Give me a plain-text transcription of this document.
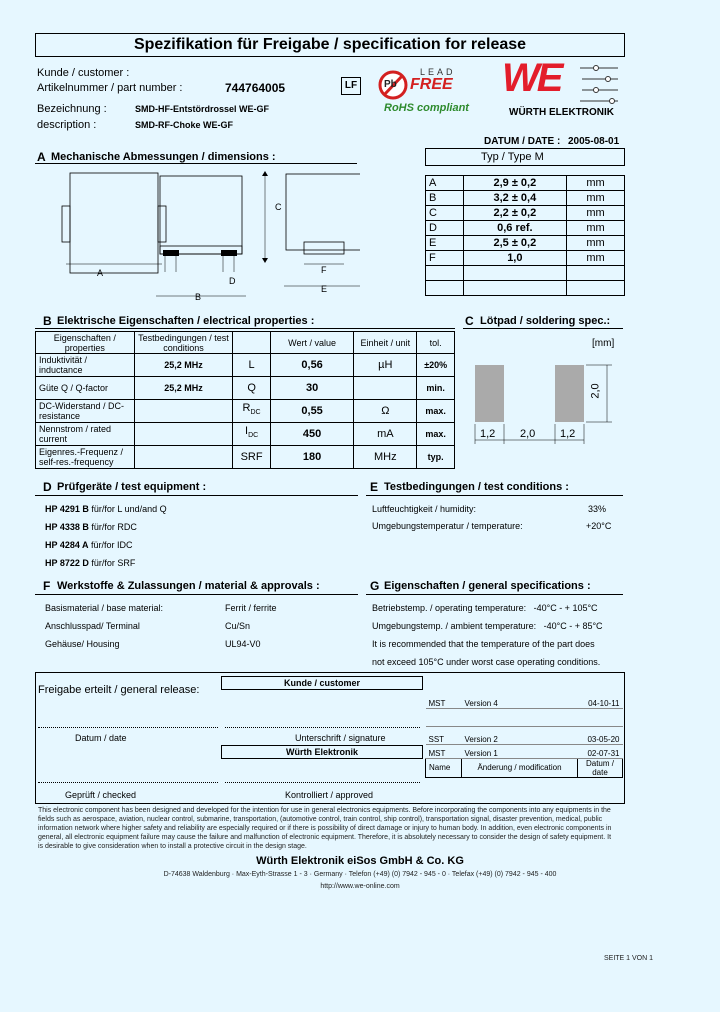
Spezifikation für Freigabe / specification for release
Kunde / customer :
Artikelnummer / part number :	744764005	LF
Bezeichnung :	SMD-HF-Entstördrossel WE-GF
description :	SMD-RF-Choke WE-GF
Pb
LEAD
FREE
RoHS compliant
WE
WÜRTH ELEKTRONIK
DATUM / DATE : 2005-08-01
A Mechanische Abmessungen / dimensions :
A
B
C
D
E
F
Typ / Type M
A	2,9 ± 0,2	mm
B	3,2 ± 0,4	mm
C	2,2 ± 0,2	mm
D	0,6 ref.	mm
E	2,5 ± 0,2	mm
F	1,0	mm

B Elektrische Eigenschaften / electrical properties :
Eigenschaften / properties	Testbedingungen / test conditions		Wert / value	Einheit / unit	tol.
Induktivität / inductance	25,2 MHz	L	0,56	µH	±20%
Güte Q / Q-factor	25,2 MHz	Q	30		min.
DC-Widerstand / DC-resistance		$R_{DC}$	0,55	Ω	max.
Nennstrom / rated current		$I_{DC}$	450	mA	max.
Eigenres.-Frequenz / self-res.-frequency		SRF	180	MHz	typ.
C Lötpad / soldering spec.:
[mm]
1,2 2,0 1,2
2,0
D Prüfgeräte / test equipment :
HP 4291 B für/for L und/and Q
HP 4338 B für/for RDC
HP 4284 A für/for IDC
HP 8722 D für/for SRF
E Testbedingungen / test conditions :
Luftfeuchtigkeit / humidity:	33%
Umgebungstemperatur / temperature:	+20°C
F Werkstoffe & Zulassungen / material & approvals :
Basismaterial / base material:	Ferrit / ferrite
Anschlusspad/ Terminal	Cu/Sn
Gehäuse/ Housing	UL94-V0
G Eigenschaften / general specifications :
Betriebstemp. / operating temperature:   -40°C - + 105°C
Umgebungstemp. / ambient temperature:   -40°C - + 85°C
It is recommended that the temperature of the part does
not exceed 105°C under worst case operating conditions.
Freigabe erteilt / general release:
Kunde / customer
Datum / date	Unterschrift / signature
Würth Elektronik
Geprüft / checked	Kontrolliert / approved
MST	Version 4	04-10-11

SST	Version 2	03-05-20
MST	Version 1	02-07-31
Name	Änderung / modification	Datum / date
This electronic component has been designed and developed for the intention for use in general electronics equipments. Before incorporating the components into any equipments in the fields such as aerospace, aviation, nuclear control, submarine, transportation, (automotive control, train control, ship control), transportation signal, disaster prevention, medical, public information network where higher safety and reliability are especially required or if there is possibility of direct damage or injury to human body. In addition, even electronic components in general, all electronic equipment failure may cause the failure and malfunction of electronic equipment. Therefore, it is absolutely necessary to consider the design of safety equipment. It is desirable to give consideration when to install a protective circuit in the design stage.
Würth Elektronik eiSos GmbH & Co. KG
D-74638 Waldenburg · Max-Eyth-Strasse 1 - 3 · Germany · Telefon (+49) (0) 7942 - 945 - 0 · Telefax (+49) (0) 7942 - 945 - 400
http://www.we-online.com
SEITE 1 VON 1
